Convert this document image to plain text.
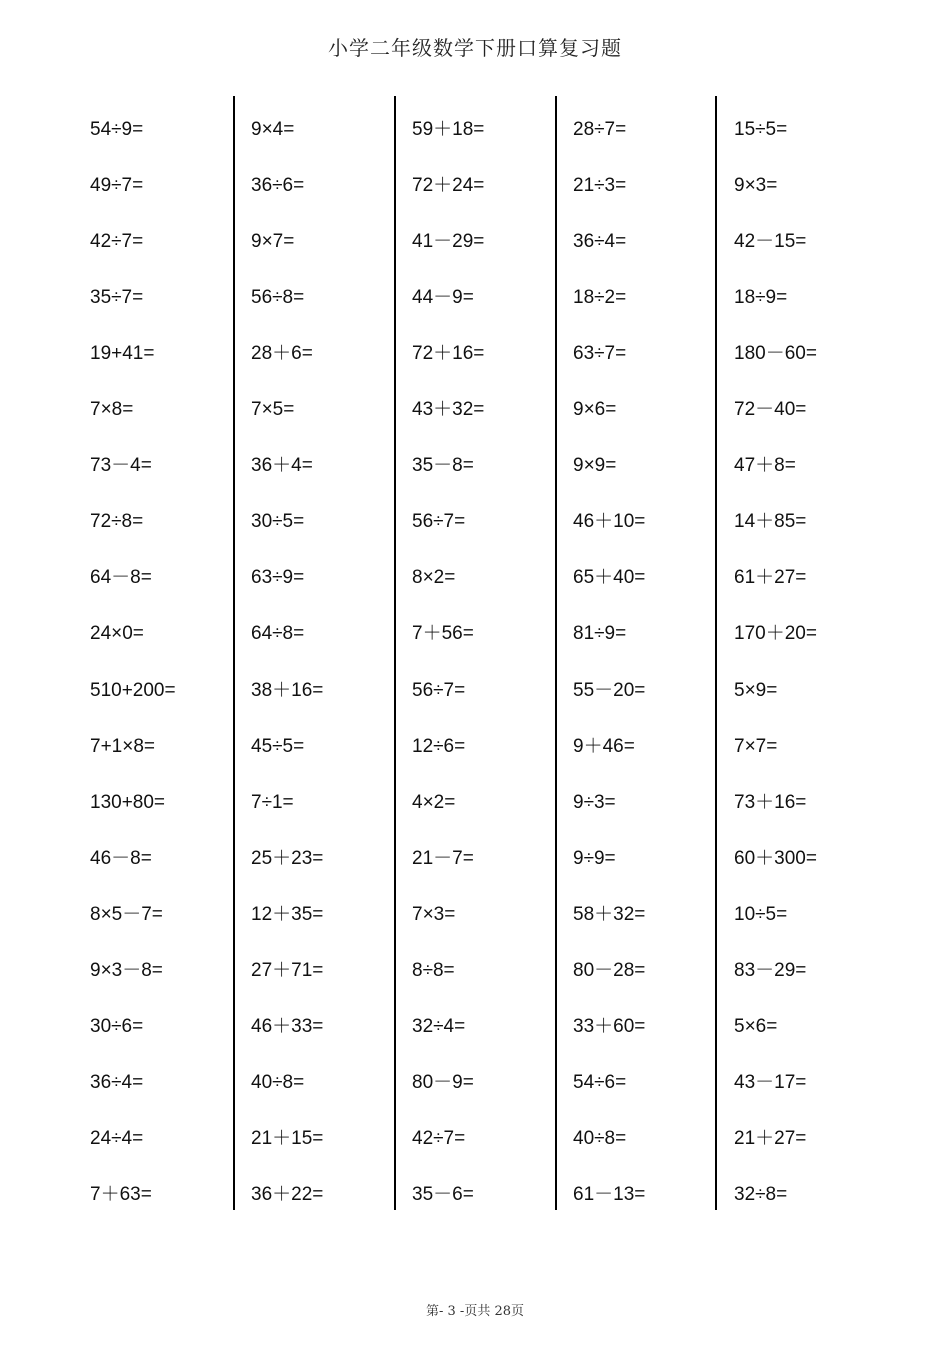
小学二年级数学下册口算复习题
54÷9=
49÷7=
42÷7=
35÷7=
19+41=
7×8=
73－4=
72÷8=
64－8=
24×0=
510+200=
7+1×8=
130+80=
46－8=
8×5－7=
9×3－8=
30÷6=
36÷4=
24÷4=
7＋63=
9×4=
36÷6=
9×7=
56÷8=
28＋6=
7×5=
36＋4=
30÷5=
63÷9=
64÷8=
38＋16=
45÷5=
7÷1=
25＋23=
12＋35=
27＋71=
46＋33=
40÷8=
21＋15=
36＋22=
59＋18=
72＋24=
41－29=
44－9=
72＋16=
43＋32=
35－8=
56÷7=
8×2=
7＋56=
56÷7=
12÷6=
4×2=
21－7=
7×3=
8÷8=
32÷4=
80－9=
42÷7=
35－6=
28÷7=
21÷3=
36÷4=
18÷2=
63÷7=
9×6=
9×9=
46＋10=
65＋40=
81÷9=
55－20=
9＋46=
9÷3=
9÷9=
58＋32=
80－28=
33＋60=
54÷6=
40÷8=
61－13=
15÷5=
9×3=
42－15=
18÷9=
180－60=
72－40=
47＋8=
14＋85=
61＋27=
170＋20=
5×9=
7×7=
73＋16=
60＋300=
10÷5=
83－29=
5×6=
43－17=
21＋27=
32÷8=
第- 3 -页共 28页
